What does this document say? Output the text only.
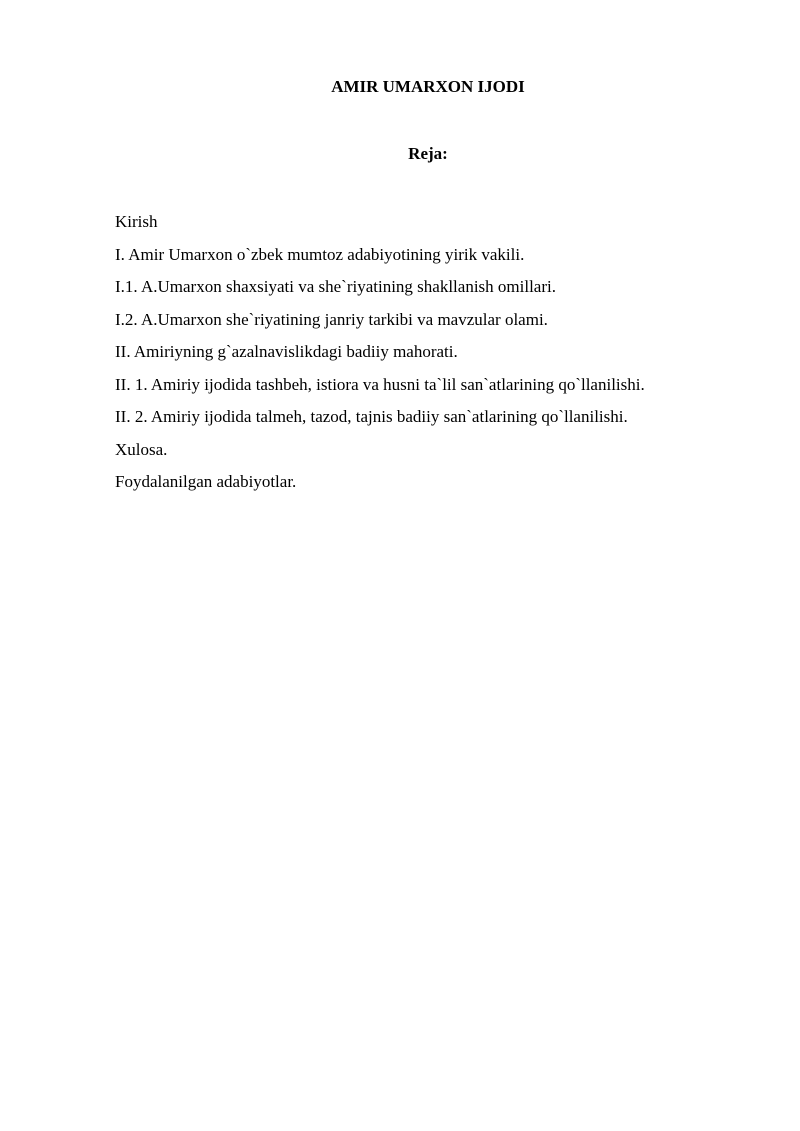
AMIR UMARXON IJODI
Reja:
Kirish
I. Amir Umarxon o`zbek mumtoz adabiyotining yirik vakili.
I.1. A.Umarxon shaxsiyati va she`riyatining shakllanish omillari.
I.2. A.Umarxon she`riyatining janriy tarkibi va mavzular olami.
II. Amiriyning g`azalnavislikdagi badiiy mahorati.
II. 1. Amiriy ijodida tashbeh, istiora va husni ta`lil san`atlarining qo`llanilishi.
II. 2. Amiriy ijodida talmeh, tazod, tajnis badiiy san`atlarining qo`llanilishi.
Xulosa.
Foydalanilgan adabiyotlar.
